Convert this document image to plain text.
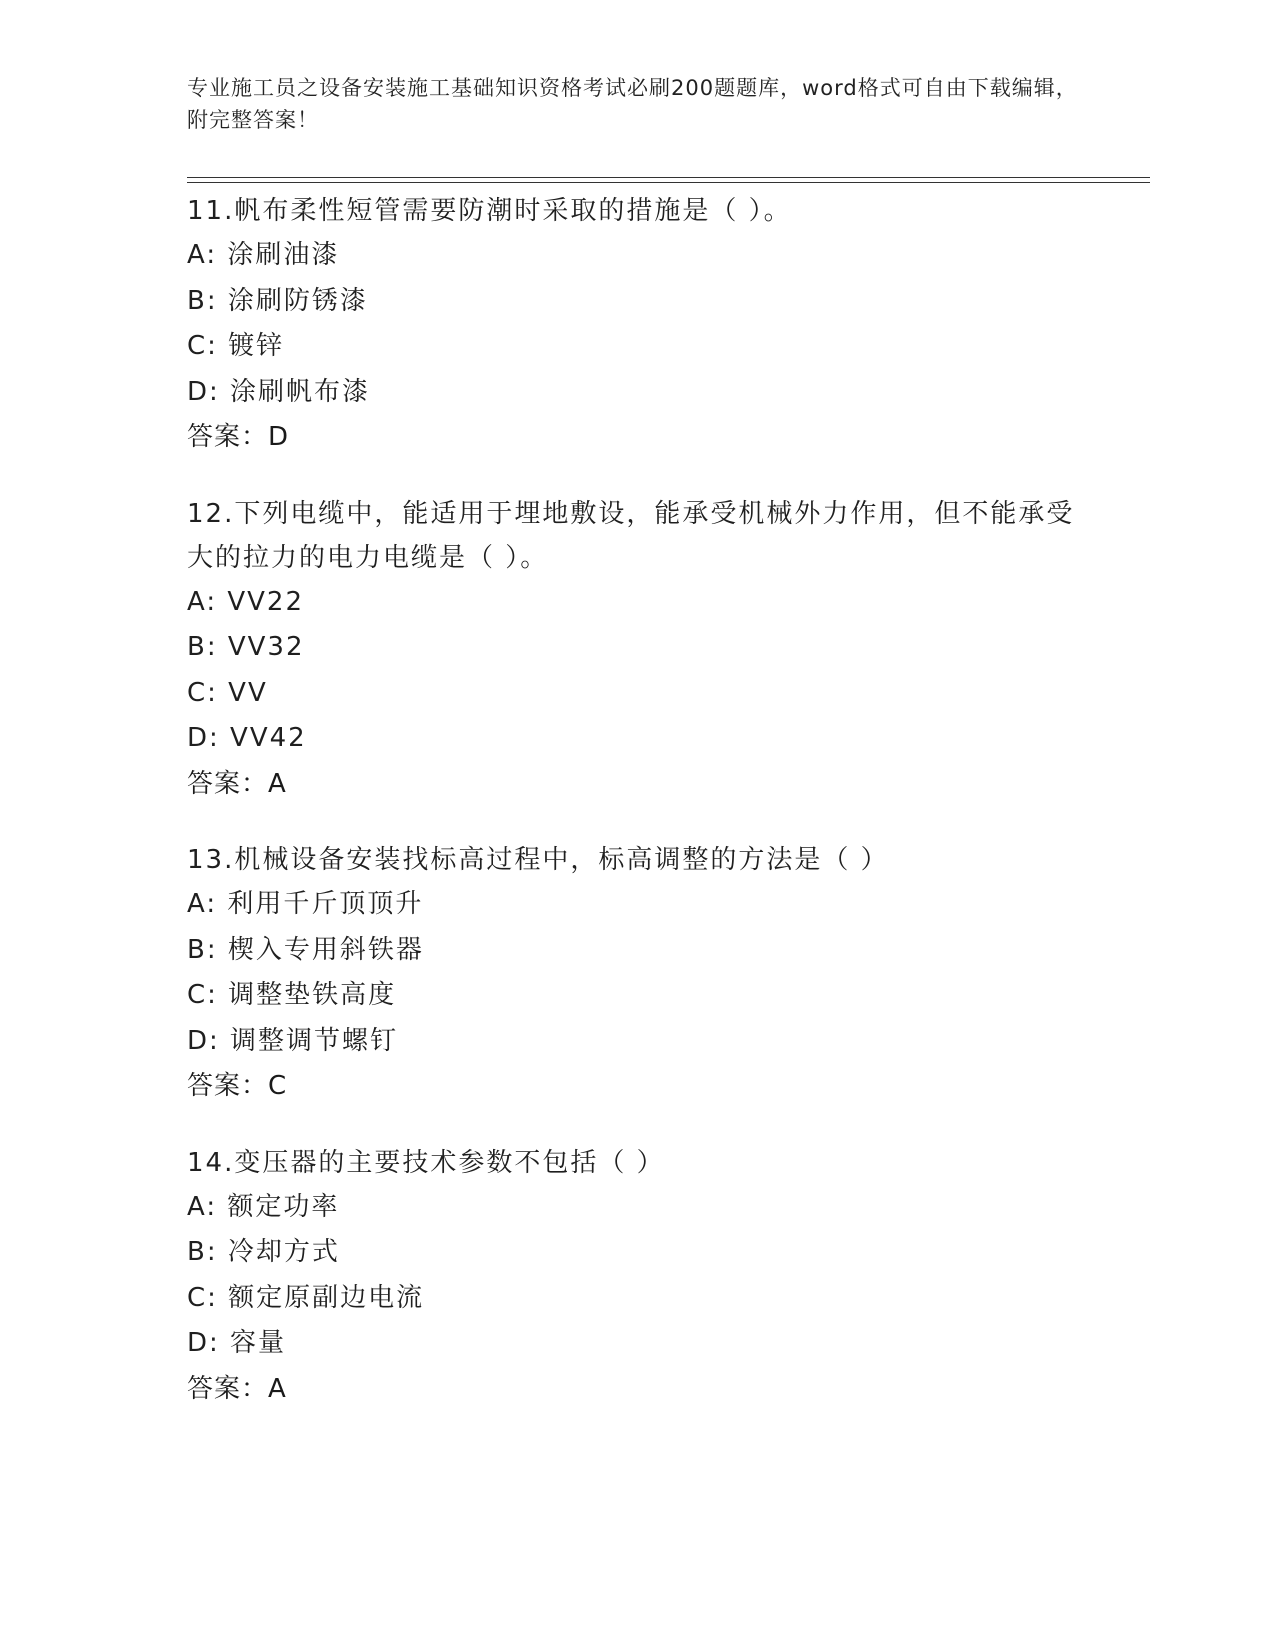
专业施工员之设备安装施工基础知识资格考试必刷200题题库，word格式可自由下载编辑，附完整答案！
11.帆布柔性短管需要防潮时采取的措施是（ ）。
A: 涂刷油漆
B: 涂刷防锈漆
C: 镀锌
D: 涂刷帆布漆
答案：D
12.下列电缆中，能适用于埋地敷设，能承受机械外力作用，但不能承受大的拉力的电力电缆是（ ）。
A: VV22
B: VV32
C: VV
D: VV42
答案：A
13.机械设备安装找标高过程中，标高调整的方法是（ ）
A: 利用千斤顶顶升
B: 楔入专用斜铁器
C: 调整垫铁高度
D: 调整调节螺钉
答案：C
14.变压器的主要技术参数不包括（ ）
A: 额定功率
B: 冷却方式
C: 额定原副边电流
D: 容量
答案：A
